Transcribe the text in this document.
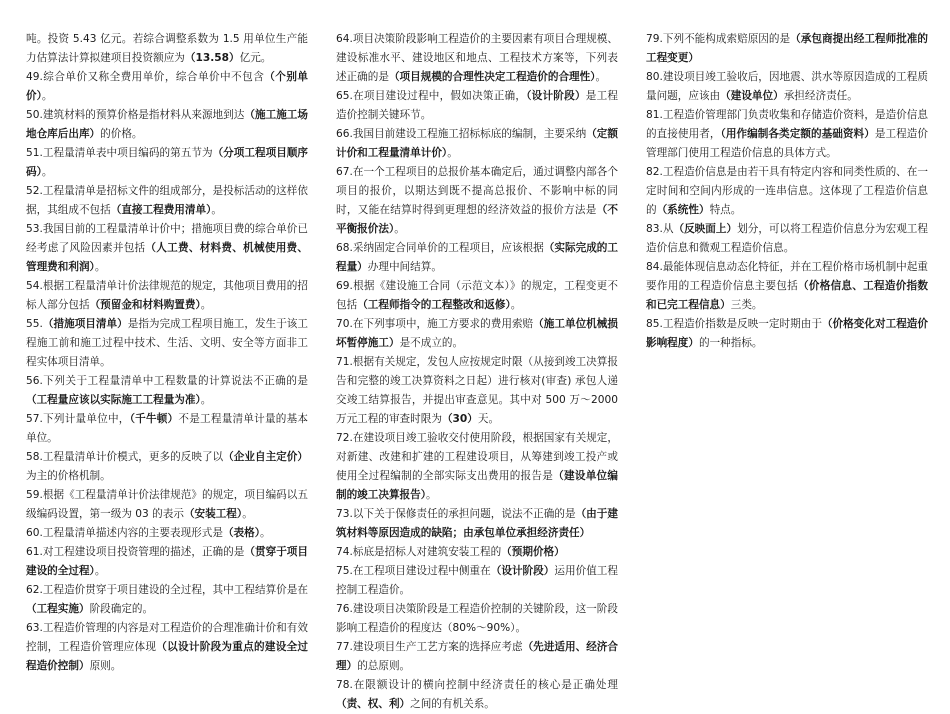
吨。投资 5.43 亿元。若综合调整系数为 1.5 用单位生产能力估算法计算拟建项目投资额应为（13.58）亿元。

49.综合单价又称全费用单价，综合单价中不包含（个别单价）。

50.建筑材料的预算价格是指材料从来源地到达（施工施工场地仓库后出库）的价格。

51.工程量清单表中项目编码的第五节为（分项工程项目顺序码）。

52.工程量清单是招标文件的组成部分，是投标活动的这样依据，其组成不包括（直接工程费用清单）。

53.我国目前的工程量清单计价中；措施项目费的综合单价已经考虑了风险因素并包括（人工费、材料费、机械使用费、管理费和利润）。

54.根据工程量清单计价法律规范的规定，其他项目费用的招标人部分包括（预留金和材料购置费）。

55.（措施项目清单）是指为完成工程项目施工，发生于该工程施工前和施工过程中技术、生活、文明、安全等方面非工程实体项目清单。

56.下列关于工程量清单中工程数量的计算说法不正确的是（工程量应该以实际施工工程量为准）。

57.下列计量单位中，（千牛顿）不是工程量清单计量的基本单位。

58.工程量清单计价模式，更多的反映了以（企业自主定价）为主的价格机制。

59.根据《工程量清单计价法律规范》的规定，项目编码以五级编码设置，第一级为 03 的表示（安装工程）。

60.工程量清单描述内容的主要表现形式是（表格）。

61.对工程建设项目投资管理的描述，正确的是（贯穿于项目建设的全过程）。

62.工程造价贯穿于项目建设的全过程，其中工程结算价是在（工程实施）阶段确定的。

63.工程造价管理的内容是对工程造价的合理准确计价和有效控制，工程造价管理应体现（以设计阶段为重点的建设全过程造价控制）原则。

64.项目决策阶段影响工程造价的主要因素有项目合理规模、建设标准水平、建设地区和地点、工程技术方案等，下列表述正确的是（项目规模的合理性决定工程造价的合理性）。

65.在项目建设过程中，假如决策正确，（设计阶段）是工程造价控制关键环节。

66.我国目前建设工程施工招标标底的编制，主要采纳（定额计价和工程量清单计价）。

67.在一个工程项目的总报价基本确定后，通过调整内部各个项目的报价，以期达到既不提高总报价、不影响中标的同时，又能在结算时得到更理想的经济效益的报价方法是（不平衡报价法）。

68.采纳固定合同单价的工程项目，应该根据（实际完成的工程量）办理中间结算。

69.根据《建设施工合同（示范文本）》的规定，工程变更不包括（工程师指令的工程整改和返修）。

70.在下列事项中，施工方要求的费用索赔（施工单位机械损坏暂停施工）是不成立的。

71.根据有关规定，发包人应按规定时限（从接到竣工决算报告和完整的竣工决算资料之日起）进行核对(审查) 承包人递交竣工结算报告，并提出审查意见。其中对 500 万～2000 万元工程的审查时限为（30）天。

72.在建设项目竣工验收交付使用阶段，根据国家有关规定，对新建、改建和扩建的工程建设项目，从筹建到竣工投产或使用全过程编制的全部实际支出费用的报告是（建设单位编制的竣工决算报告）。

73.以下关于保修责任的承担问题，说法不正确的是（由于建筑材料等原因造成的缺陷；由承包单位承担经济责任）

74.标底是招标人对建筑安装工程的（预期价格）

75.在工程项目建设过程中侧重在（设计阶段）运用价值工程控制工程造价。

76.建设项目决策阶段是工程造价控制的关键阶段，这一阶段影响工程造价的程度达（80%～90%）。

77.建设项目生产工艺方案的选择应考虑（先进适用、经济合理）的总原则。

78.在限额设计的横向控制中经济责任的核心是正确处理（责、权、利）之间的有机关系。

79.下列不能构成索赔原因的是（承包商提出经工程师批准的工程变更）

80.建设项目竣工验收后，因地震、洪水等原因造成的工程质量问题，应该由（建设单位）承担经济责任。

81.工程造价管理部门负责收集和存储造价资料，是造价信息的直接使用者，（用作编制各类定额的基础资料）是工程造价管理部门使用工程造价信息的具体方式。

82.工程造价信息是由若干具有特定内容和同类性质的、在一定时间和空间内形成的一连串信息。这体现了工程造价信息的（系统性）特点。

83.从（反映面上）划分，可以将工程造价信息分为宏观工程造价信息和微观工程造价信息。

84.最能体现信息动态化特征，并在工程价格市场机制中起重要作用的工程造价信息主要包括（价格信息、工程造价指数和已完工程信息）三类。

85.工程造价指数是反映一定时期由于（价格变化对工程造价影响程度）的一种指标。
